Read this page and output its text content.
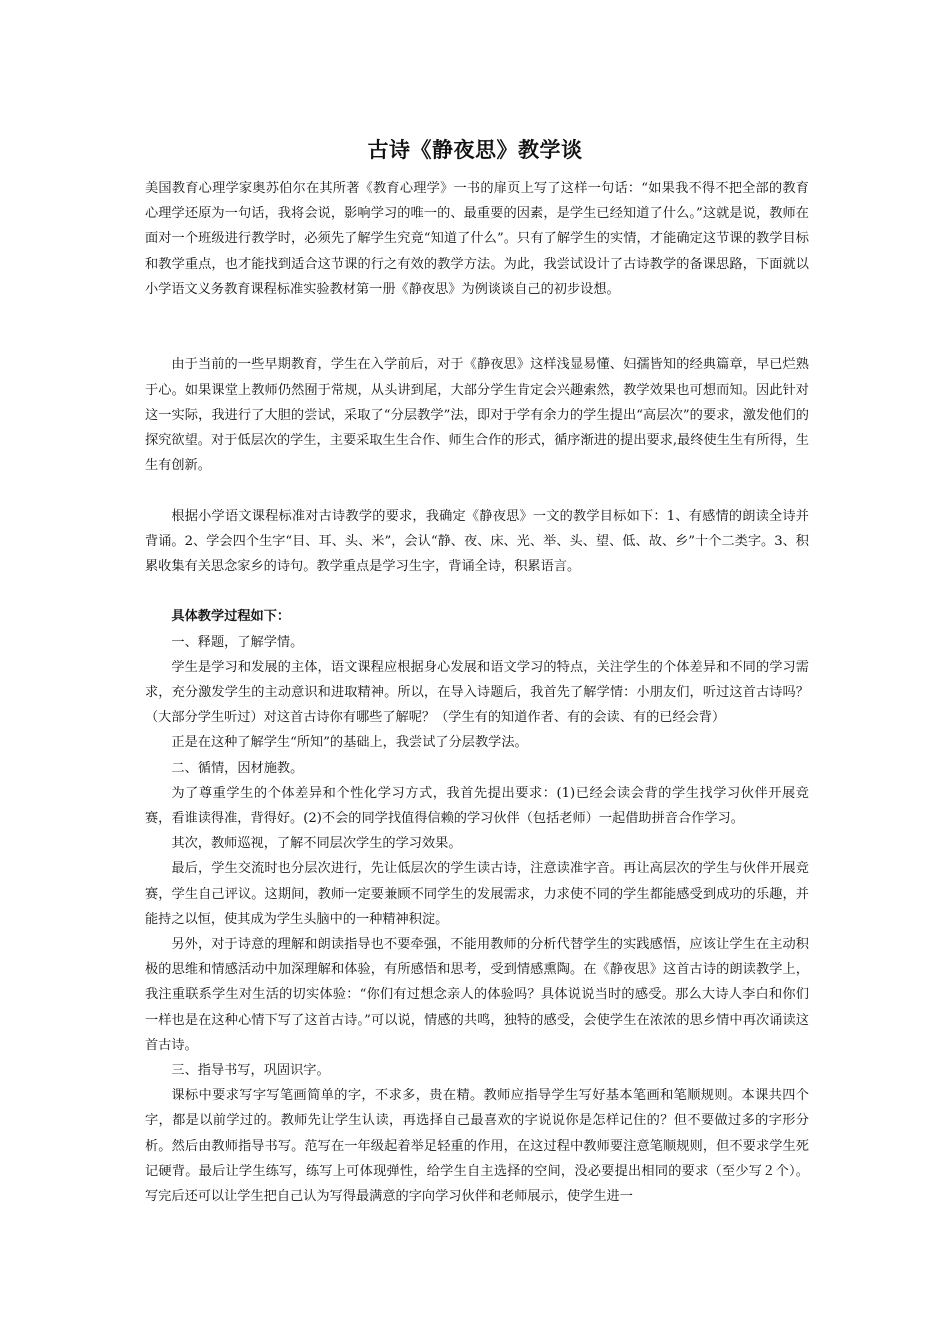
古诗《静夜思》教学谈

美国教育心理学家奥苏伯尔在其所著《教育心理学》一书的扉页上写了这样一句话：“如果我不得不把全部的教育心理学还原为一句话，我将会说，影响学习的唯一的、最重要的因素，是学生已经知道了什么。”这就是说，教师在面对一个班级进行教学时，必须先了解学生究竟“知道了什么”。只有了解学生的实情，才能确定这节课的教学目标和教学重点，也才能找到适合这节课的行之有效的教学方法。为此，我尝试设计了古诗教学的备课思路，下面就以小学语文义务教育课程标准实验教材第一册《静夜思》为例谈谈自己的初步设想。

由于当前的一些早期教育，学生在入学前后，对于《静夜思》这样浅显易懂、妇孺皆知的经典篇章，早已烂熟于心。如果课堂上教师仍然囿于常规，从头讲到尾，大部分学生肯定会兴趣索然，教学效果也可想而知。因此针对这一实际，我进行了大胆的尝试，采取了“分层教学”法，即对于学有余力的学生提出“高层次”的要求，激发他们的探究欲望。对于低层次的学生，主要采取生生合作、师生合作的形式，循序渐进的提出要求,最终使生生有所得，生生有创新。

根据小学语文课程标准对古诗教学的要求，我确定《静夜思》一文的教学目标如下：1、有感情的朗读全诗并背诵。2、学会四个生字“目、耳、头、米”，会认“静、夜、床、光、举、头、望、低、故、乡”十个二类字。3、积累收集有关思念家乡的诗句。教学重点是学习生字，背诵全诗，积累语言。

具体教学过程如下：

一、释题，了解学情。

学生是学习和发展的主体，语文课程应根据身心发展和语文学习的特点，关注学生的个体差异和不同的学习需求，充分激发学生的主动意识和进取精神。所以，在导入诗题后，我首先了解学情：小朋友们，听过这首古诗吗？（大部分学生听过）对这首古诗你有哪些了解呢？（学生有的知道作者、有的会读、有的已经会背）

正是在这种了解学生“所知”的基础上，我尝试了分层教学法。

二、循情，因材施教。

为了尊重学生的个体差异和个性化学习方式，我首先提出要求：(1)已经会读会背的学生找学习伙伴开展竞赛，看谁读得准，背得好。(2)不会的同学找值得信赖的学习伙伴（包括老师）一起借助拼音合作学习。

其次，教师巡视，了解不同层次学生的学习效果。

最后，学生交流时也分层次进行，先让低层次的学生读古诗，注意读准字音。再让高层次的学生与伙伴开展竞赛，学生自己评议。这期间，教师一定要兼顾不同学生的发展需求，力求使不同的学生都能感受到成功的乐趣，并能持之以恒，使其成为学生头脑中的一种精神积淀。

另外，对于诗意的理解和朗读指导也不要牵强，不能用教师的分析代替学生的实践感悟，应该让学生在主动积极的思维和情感活动中加深理解和体验，有所感悟和思考，受到情感熏陶。在《静夜思》这首古诗的朗读教学上，我注重联系学生对生活的切实体验：“你们有过想念亲人的体验吗？具体说说当时的感受。那么大诗人李白和你们一样也是在这种心情下写了这首古诗。”可以说，情感的共鸣，独特的感受，会使学生在浓浓的思乡情中再次诵读这首古诗。

三、指导书写，巩固识字。

课标中要求写字写笔画简单的字，不求多，贵在精。教师应指导学生写好基本笔画和笔顺规则。本课共四个字，都是以前学过的。教师先让学生认读，再选择自己最喜欢的字说说你是怎样记住的？但不要做过多的字形分析。然后由教师指导书写。范写在一年级起着举足轻重的作用，在这过程中教师要注意笔顺规则，但不要求学生死记硬背。最后让学生练写，练写上可体现弹性，给学生自主选择的空间，没必要提出相同的要求（至少写２个）。写完后还可以让学生把自己认为写得最满意的字向学习伙伴和老师展示，使学生进一
